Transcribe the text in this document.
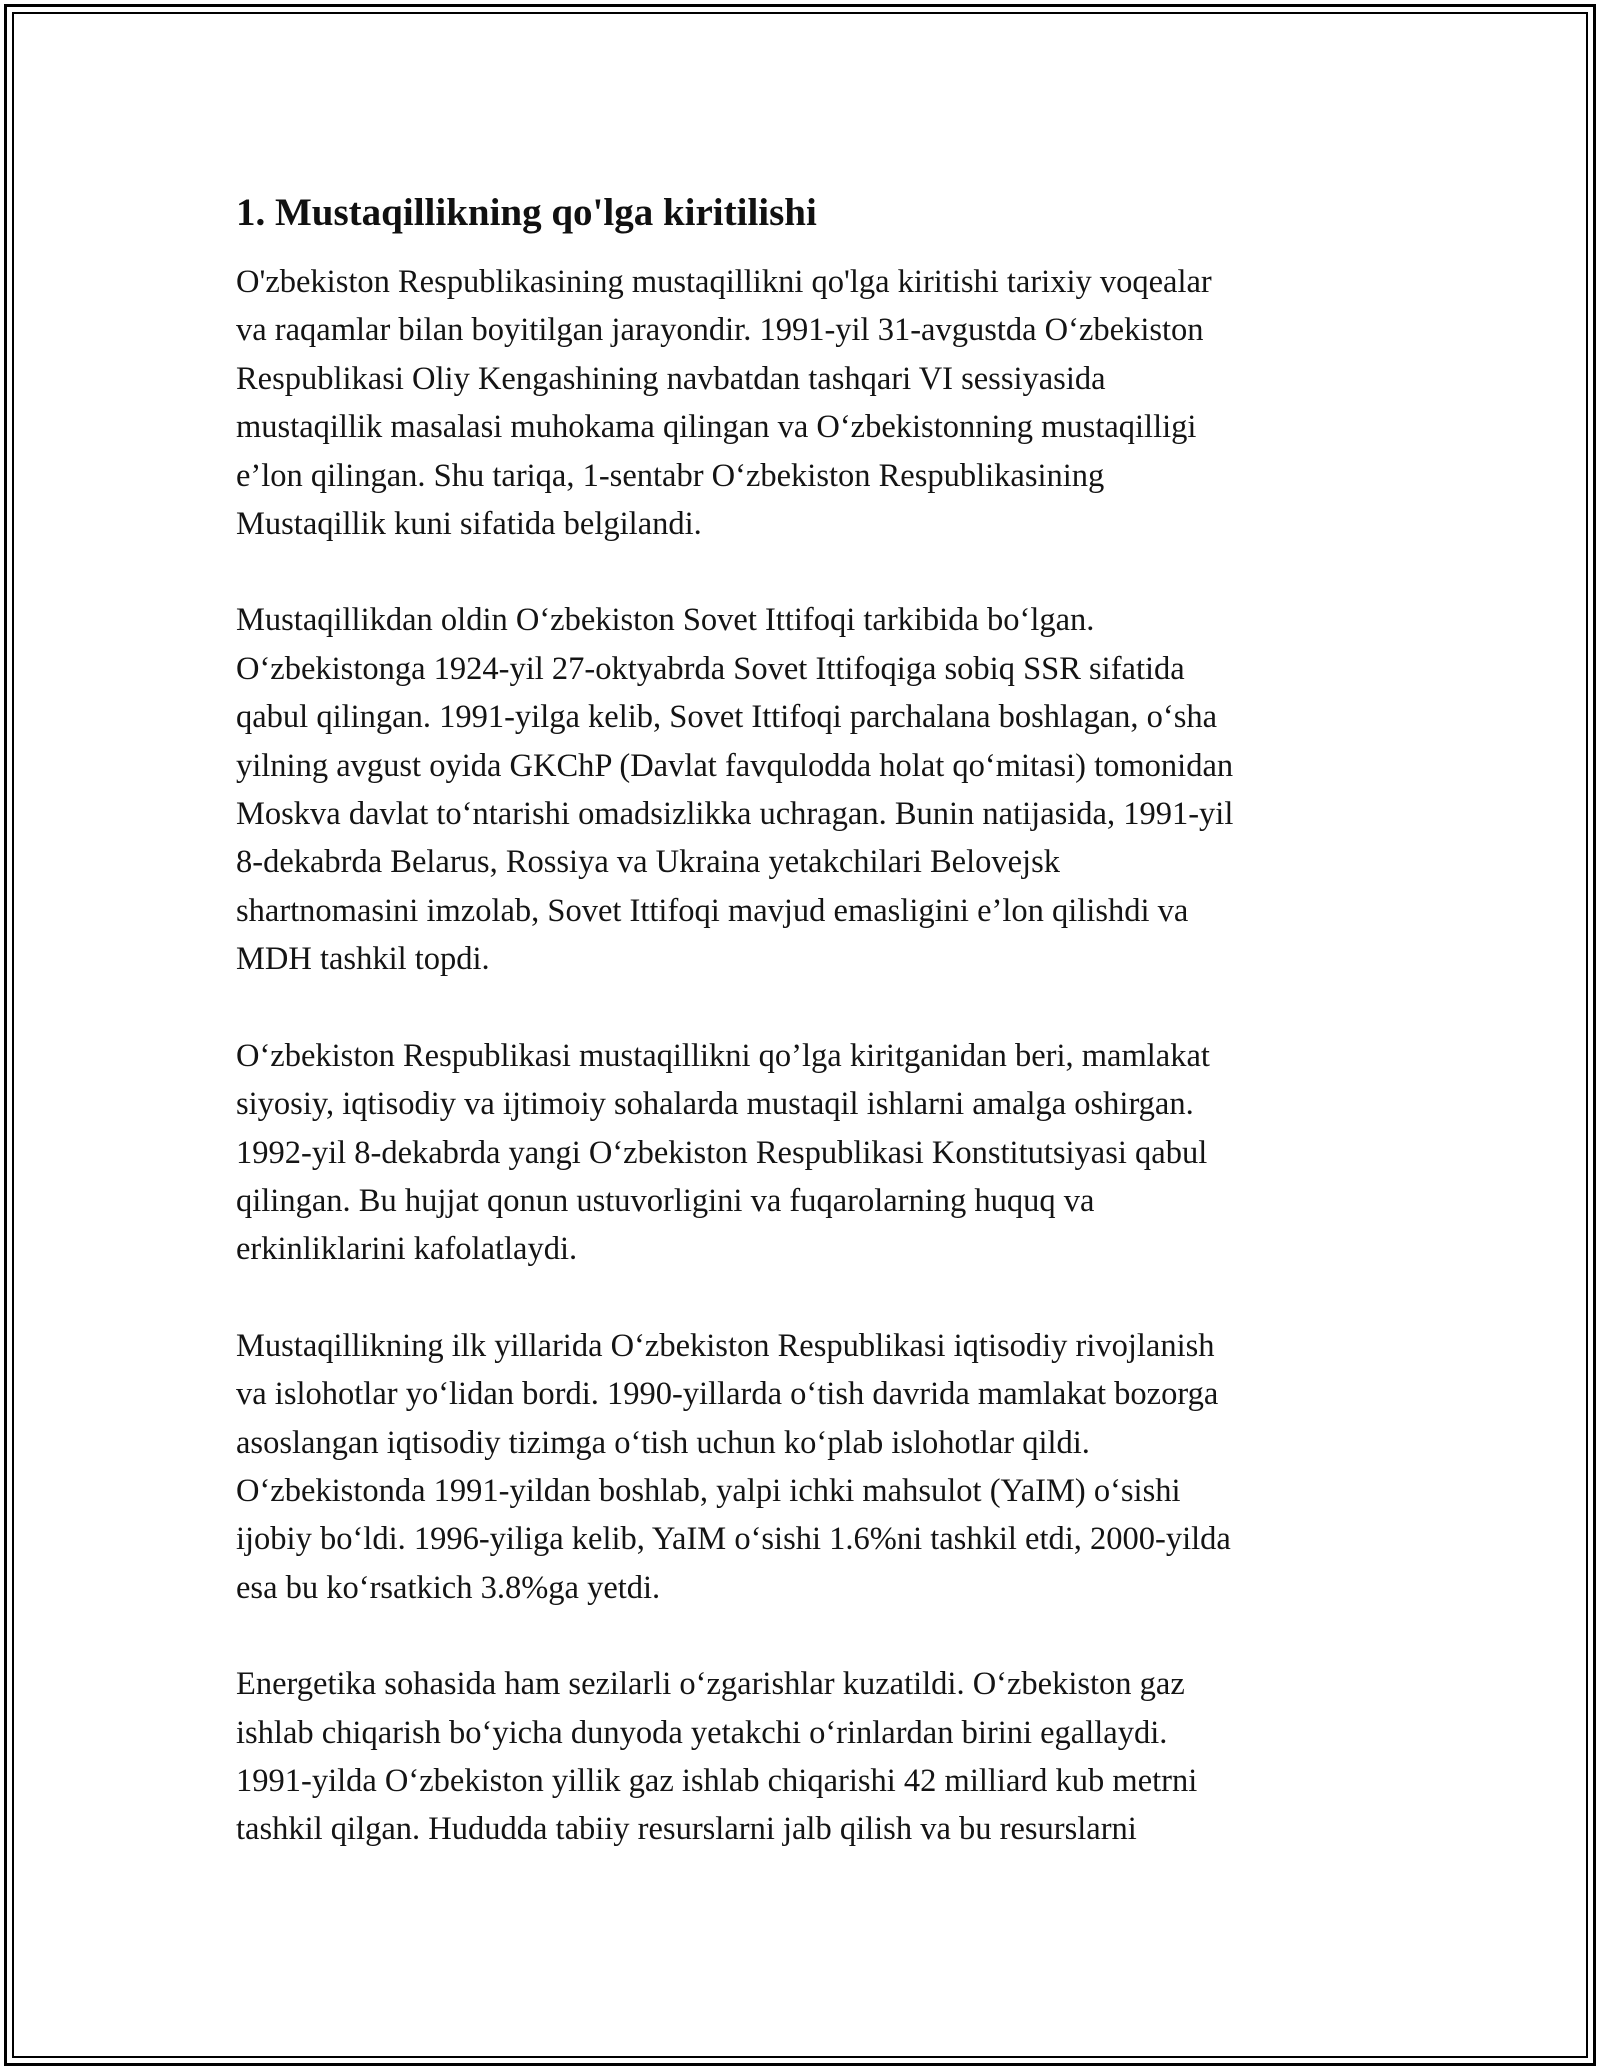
1. Mustaqillikning qo'lga kiritilishi

O'zbekiston Respublikasining mustaqillikni qo'lga kiritishi tarixiy voqealar
va raqamlar bilan boyitilgan jarayondir. 1991-yil 31-avgustda O‘zbekiston
Respublikasi Oliy Kengashining navbatdan tashqari VI sessiyasida
mustaqillik masalasi muhokama qilingan va O‘zbekistonning mustaqilligi
e’lon qilingan. Shu tariqa, 1-sentabr O‘zbekiston Respublikasining
Mustaqillik kuni sifatida belgilandi.

Mustaqillikdan oldin O‘zbekiston Sovet Ittifoqi tarkibida bo‘lgan.
O‘zbekistonga 1924-yil 27-oktyabrda Sovet Ittifoqiga sobiq SSR sifatida
qabul qilingan. 1991-yilga kelib, Sovet Ittifoqi parchalana boshlagan, o‘sha
yilning avgust oyida GKChP (Davlat favqulodda holat qo‘mitasi) tomonidan
Moskva davlat to‘ntarishi omadsizlikka uchragan. Bunin natijasida, 1991-yil
8-dekabrda Belarus, Rossiya va Ukraina yetakchilari Belovejsk
shartnomasini imzolab, Sovet Ittifoqi mavjud emasligini e’lon qilishdi va
MDH tashkil topdi.

O‘zbekiston Respublikasi mustaqillikni qo’lga kiritganidan beri, mamlakat
siyosiy, iqtisodiy va ijtimoiy sohalarda mustaqil ishlarni amalga oshirgan.
1992-yil 8-dekabrda yangi O‘zbekiston Respublikasi Konstitutsiyasi qabul
qilingan. Bu hujjat qonun ustuvorligini va fuqarolarning huquq va
erkinliklarini kafolatlaydi.

Mustaqillikning ilk yillarida O‘zbekiston Respublikasi iqtisodiy rivojlanish
va islohotlar yo‘lidan bordi. 1990-yillarda o‘tish davrida mamlakat bozorga
asoslangan iqtisodiy tizimga o‘tish uchun ko‘plab islohotlar qildi.
O‘zbekistonda 1991-yildan boshlab, yalpi ichki mahsulot (YaIM) o‘sishi
ijobiy bo‘ldi. 1996-yiliga kelib, YaIM o‘sishi 1.6%ni tashkil etdi, 2000-yilda
esa bu ko‘rsatkich 3.8%ga yetdi.

Energetika sohasida ham sezilarli o‘zgarishlar kuzatildi. O‘zbekiston gaz
ishlab chiqarish bo‘yicha dunyoda yetakchi o‘rinlardan birini egallaydi.
1991-yilda O‘zbekiston yillik gaz ishlab chiqarishi 42 milliard kub metrni
tashkil qilgan. Hududda tabiiy resurslarni jalb qilish va bu resurslarni
